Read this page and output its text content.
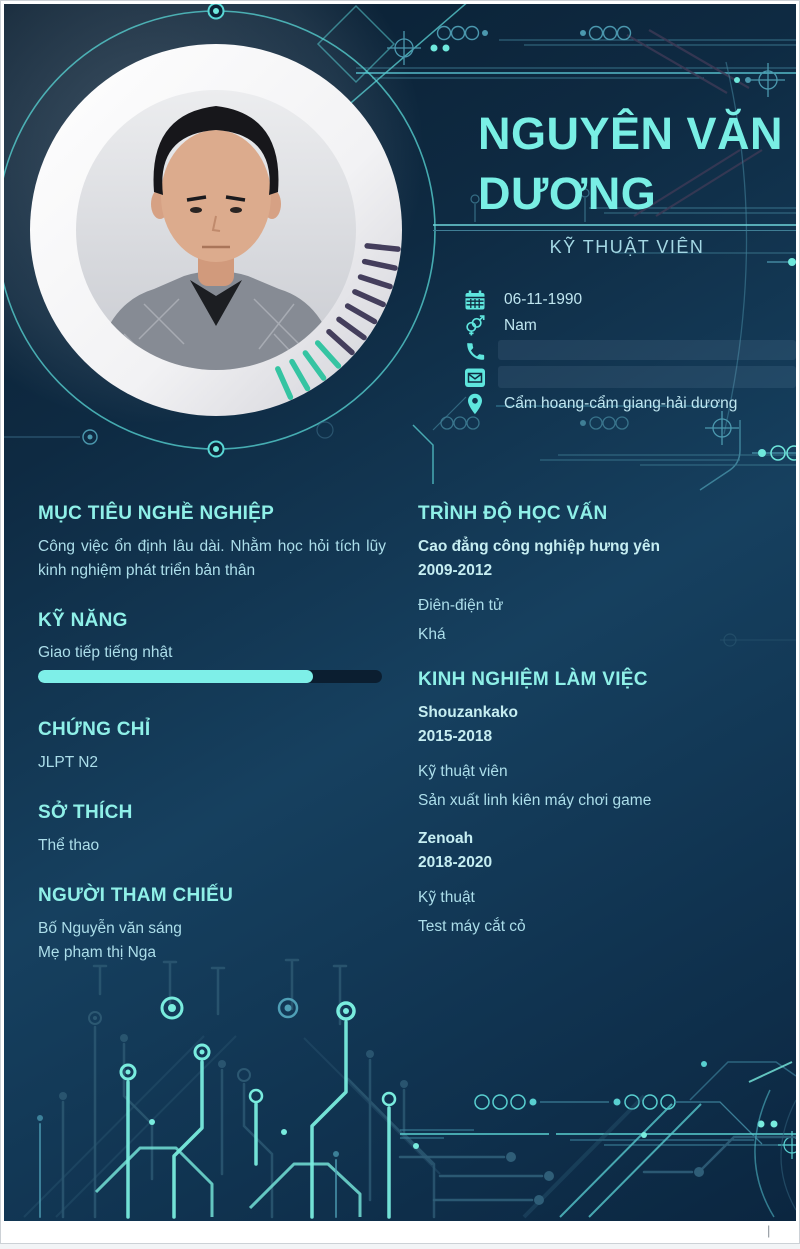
NGUYÊN VĂN
DƯƠNG
KỸ THUẬT VIÊN
06-11-1990
Nam
Cẩm hoang-cẩm giang-hải dương
MỤC TIÊU NGHỀ NGHIỆP
Công việc ổn định lâu dài. Nhằm học hỏi tích lũy kinh nghiệm phát triển bản thân
KỸ NĂNG
Giao tiếp tiếng nhật
CHỨNG CHỈ
JLPT N2
SỞ THÍCH
Thể thao
NGƯỜI THAM CHIẾU
Bố Nguyễn văn sáng
Mẹ phạm thị Nga
TRÌNH ĐỘ HỌC VẤN
Cao đẳng công nghiệp hưng yên
2009-2012
Điên-điện tử
Khá
KINH NGHIỆM LÀM VIỆC
Shouzankako
2015-2018
Kỹ thuật viên
Sản xuất linh kiên máy chơi game
Zenoah
2018-2020
Kỹ thuật
Test máy cắt cỏ
|
